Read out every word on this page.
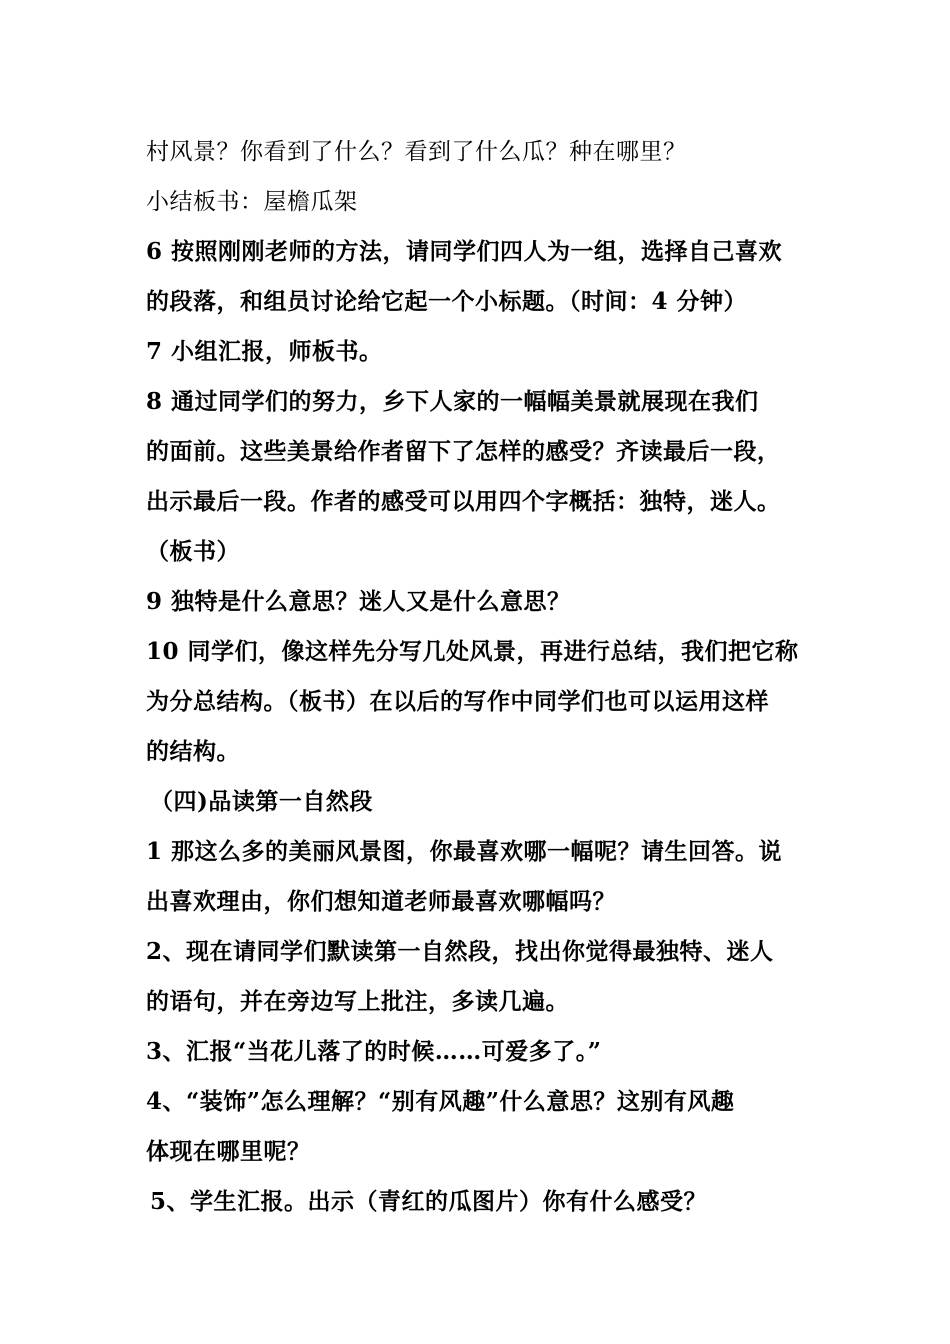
村风景？你看到了什么？看到了什么瓜？种在哪里？
小结板书：屋檐瓜架
6 按照刚刚老师的方法，请同学们四人为一组，选择自己喜欢
的段落，和组员讨论给它起一个小标题。（时间：4 分钟）
7 小组汇报，师板书。
8 通过同学们的努力，乡下人家的一幅幅美景就展现在我们
的面前。这些美景给作者留下了怎样的感受？齐读最后一段，
出示最后一段。作者的感受可以用四个字概括：独特，迷人。
（板书）
9 独特是什么意思？迷人又是什么意思？
10 同学们，像这样先分写几处风景，再进行总结，我们把它称
为分总结构。（板书）在以后的写作中同学们也可以运用这样
的结构。
（四)品读第一自然段
1 那这么多的美丽风景图，你最喜欢哪一幅呢？请生回答。说
出喜欢理由，你们想知道老师最喜欢哪幅吗？
2、现在请同学们默读第一自然段，找出你觉得最独特、迷人
的语句，并在旁边写上批注，多读几遍。
3、汇报“当花儿落了的时候……可爱多了。”
4、“装饰”怎么理解？“别有风趣”什么意思？这别有风趣
体现在哪里呢？
5、学生汇报。出示（青红的瓜图片）你有什么感受？
